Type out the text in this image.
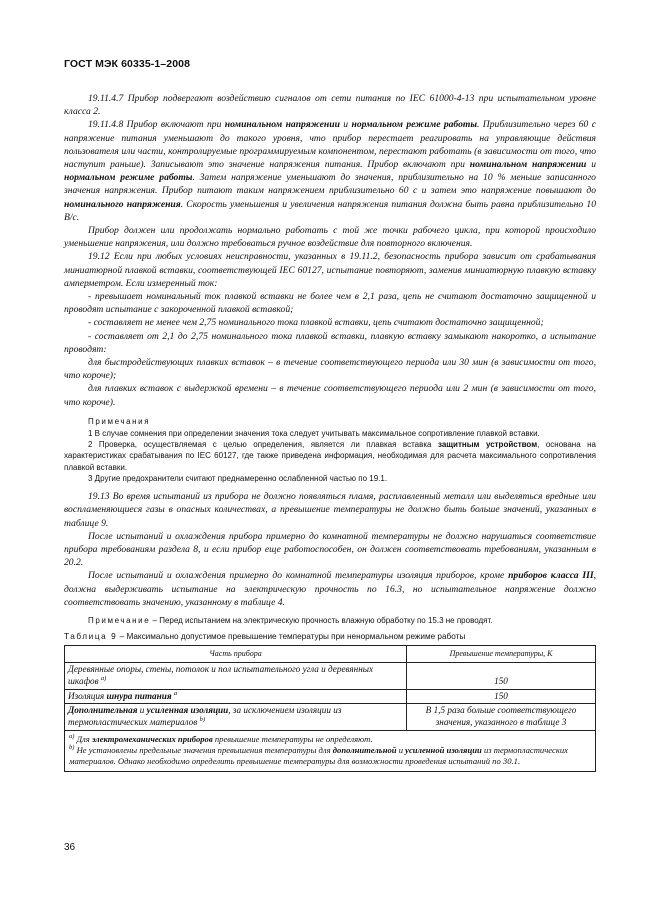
ГОСТ МЭК 60335-1–2008

19.11.4.7 Прибор подвергают воздействию сигналов от сети питания по IEC 61000-4-13 при испытательном уровне класса 2.

19.11.4.8 Прибор включают при номинальном напряжении и нормальном режиме работы. Приблизительно через 60 с напряжение питания уменьшают до такого уровня, что прибор перестает реагировать на управляющие действия пользователя или части, контролируемые программируемым компонентом, перестают работать (в зависимости от того, что наступит раньше). Записывают это значение напряжения питания. Прибор включают при номинальном напряжении и нормальном режиме работы. Затем напряжение уменьшают до значения, приблизительно на 10 % меньше записанного значения напряжения. Прибор питают таким напряжением приблизительно 60 с и затем это напряжение повышают до номинального напряжения. Скорость уменьшения и увеличения напряжения питания должна быть равна приблизительно 10 В/с.

Прибор должен или продолжать нормально работать с той же точки рабочего цикла, при которой происходило уменьшение напряжения, или должно требоваться ручное воздействие для повторного включения.

19.12 Если при любых условиях неисправности, указанных в 19.11.2, безопасность прибора зависит от срабатывания миниатюрной плавкой вставки, соответствующей IEC 60127, испытание повторяют, заменив миниатюрную плавкую вставку амперметром. Если измеренный ток:

- превышает номинальный ток плавкой вставки не более чем в 2,1 раза, цепь не считают достаточно защищенной и проводят испытание с закороченной плавкой вставкой;

- составляет не менее чем 2,75 номинального тока плавкой вставки, цепь считают достаточно защищенной;

- составляет от 2,1 до 2,75 номинального тока плавкой вставки, плавкую вставку замыкают накоротко, а испытание проводят:

для быстродействующих плавких вставок – в течение соответствующего периода или 30 мин (в зависимости от того, что короче);

для плавких вставок с выдержкой времени – в течение соответствующего периода или 2 мин (в зависимости от того, что короче).

Примечания

1 В случае сомнения при определении значения тока следует учитывать максимальное сопротивление плавкой вставки.

2 Проверка, осуществляемая с целью определения, является ли плавкая вставка защитным устройством, основана на характеристиках срабатывания по IEC 60127, где также приведена информация, необходимая для расчета максимального сопротивления плавкой вставки.

3 Другие предохранители считают преднамеренно ослабленной частью по 19.1.

19.13 Во время испытаний из прибора не должно появляться пламя, расплавленный металл или выделяться вредные или воспламеняющиеся газы в опасных количествах, а превышение температуры не должно быть больше значений, указанных в таблице 9.

После испытаний и охлаждения прибора примерно до комнатной температуры не должно нарушаться соответствие прибора требованиям раздела 8, и если прибор еще работоспособен, он должен соответствовать требованиям, указанным в 20.2.

После испытаний и охлаждения примерно до комнатной температуры изоляция приборов, кроме приборов класса III, должна выдерживать испытание на электрическую прочность по 16.3, но испытательное напряжение должно соответствовать значению, указанному в таблице 4.

Примечание – Перед испытанием на электрическую прочность влажную обработку по 15.3 не проводят.

Таблица 9 – Максимально допустимое превышение температуры при ненормальном режиме работы

Часть прибора	Превышение температуры, К
Деревянные опоры, стены, потолок и пол испытательного угла и деревянных шкафов $^{a)}$	150
Изоляция шнура питания $^a$	150
Дополнительная и усиленная изоляции, за исключением изоляции из термопластических материалов $^{b)}$	В 1,5 раза больше соответствующего значения, указанного в таблице 3

$^{a)}$ Для электромеханических приборов превышение температуры не определяют.
$^{b)}$ Не установлены предельные значения превышения температуры для дополнительной и усиленной изоляции из термопластических материалов. Однако необходимо определить превышение температуры для возможности проведения испытаний по 30.1.	
36
